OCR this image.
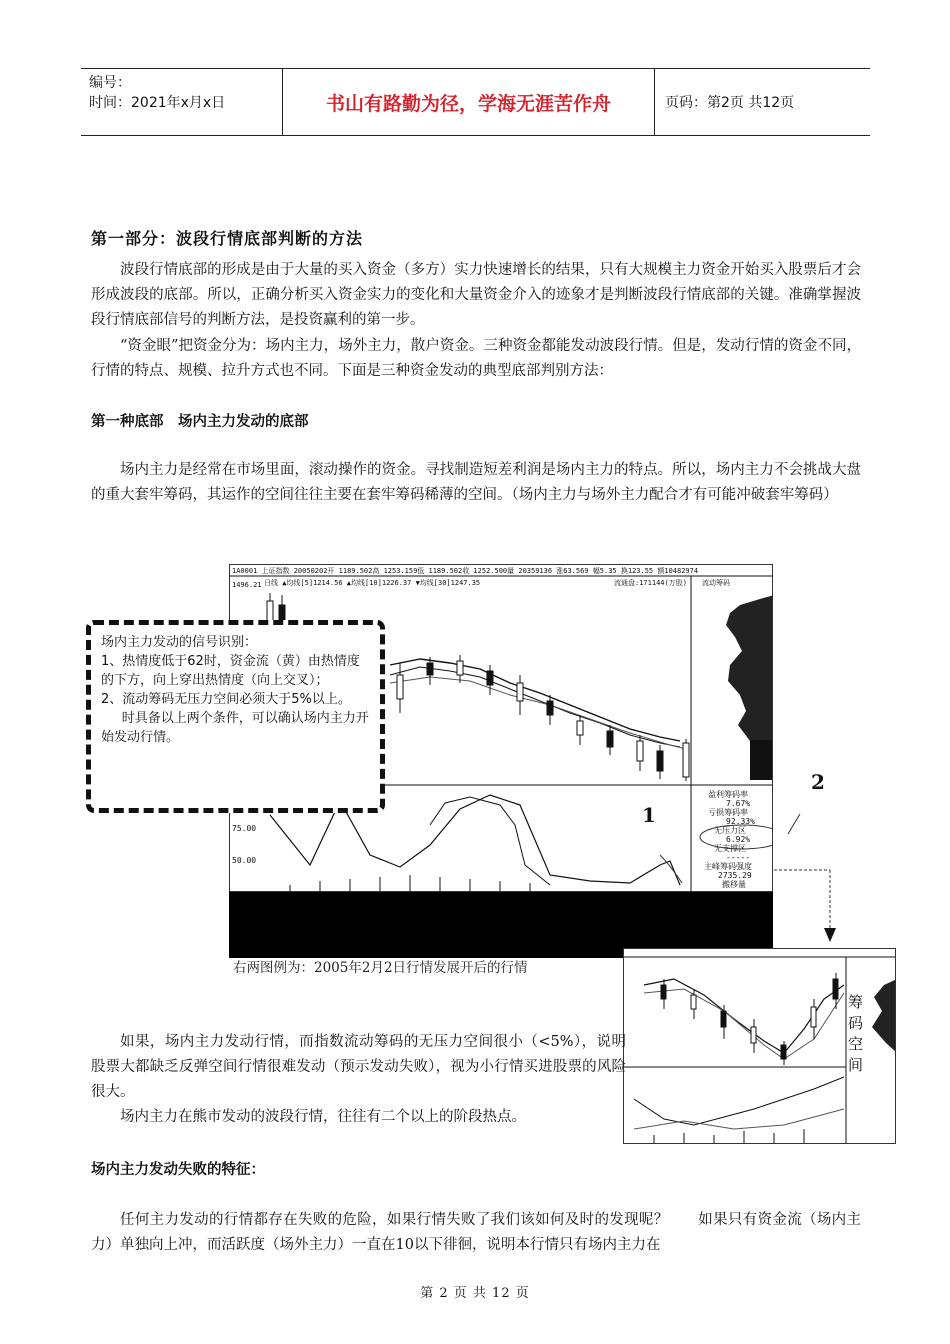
编号：
时间：2021年x月x日	书山有路勤为径，学海无涯苦作舟	页码：第2页 共12页
第一部分：波段行情底部判断的方法
波段行情底部的形成是由于大量的买入资金（多方）实力快速增长的结果，只有大规模主力资金开始买入股票后才会形成波段的底部。所以，正确分析买入资金实力的变化和大量资金介入的迹象才是判断波段行情底部的关键。准确掌握波段行情底部信号的判断方法，是投资赢利的第一步。
“资金眼”把资金分为：场内主力，场外主力，散户资金。三种资金都能发动波段行情。但是，发动行情的资金不同，行情的特点、规模、拉升方式也不同。下面是三种资金发动的典型底部判别方法：
第一种底部　场内主力发动的底部
场内主力是经常在市场里面，滚动操作的资金。寻找制造短差利润是场内主力的特点。所以，场内主力不会挑战大盘的重大套牢筹码，其运作的空间往往主要在套牢筹码稀薄的空间。（场内主力与场外主力配合才有可能冲破套牢筹码）
1A0001 上证指数 20050202开 1189.502高 1253.159低 1189.502收 1252.500量 20359136 涨63.569 幅5.35 换123.55 额10482974
日线 ▲均线[5]1214.56 ▲均线[10]1226.37 ▼均线[30]1247.35	流通盘:171144(万股) 流动筹码
1496.21
75.00
50.00
盈利筹码率
7.67%
亏损筹码率
92.33%
无压力区
6.92%
无支撑区
-----
主峰筹码强度
2735.29
搬移量
右两图例为：2005年2月2日行情发展开后的行情

场内主力发动的信号识别：

1、热情度低于62时，资金流（黄）由热情度的下方，向上穿出热情度（向上交叉）；

2、流动筹码无压力空间必须大于5%以上。

时具备以上两个条件，可以确认场内主力开始发动行情。

1
2
筹码空间
如果，场内主力发动行情，而指数流动筹码的无压力空间很小（<5%），说明股票大都缺乏反弹空间行情很难发动（预示发动失败），视为小行情买进股票的风险很大。
场内主力在熊市发动的波段行情，往往有二个以上的阶段热点。
场内主力发动失败的特征：
任何主力发动的行情都存在失败的危险，如果行情失败了我们该如何及时的发现呢？　　如果只有资金流（场内主力）单独向上冲，而活跃度（场外主力）一直在10以下徘徊，说明本行情只有场内主力在
第 2 页 共 12 页
